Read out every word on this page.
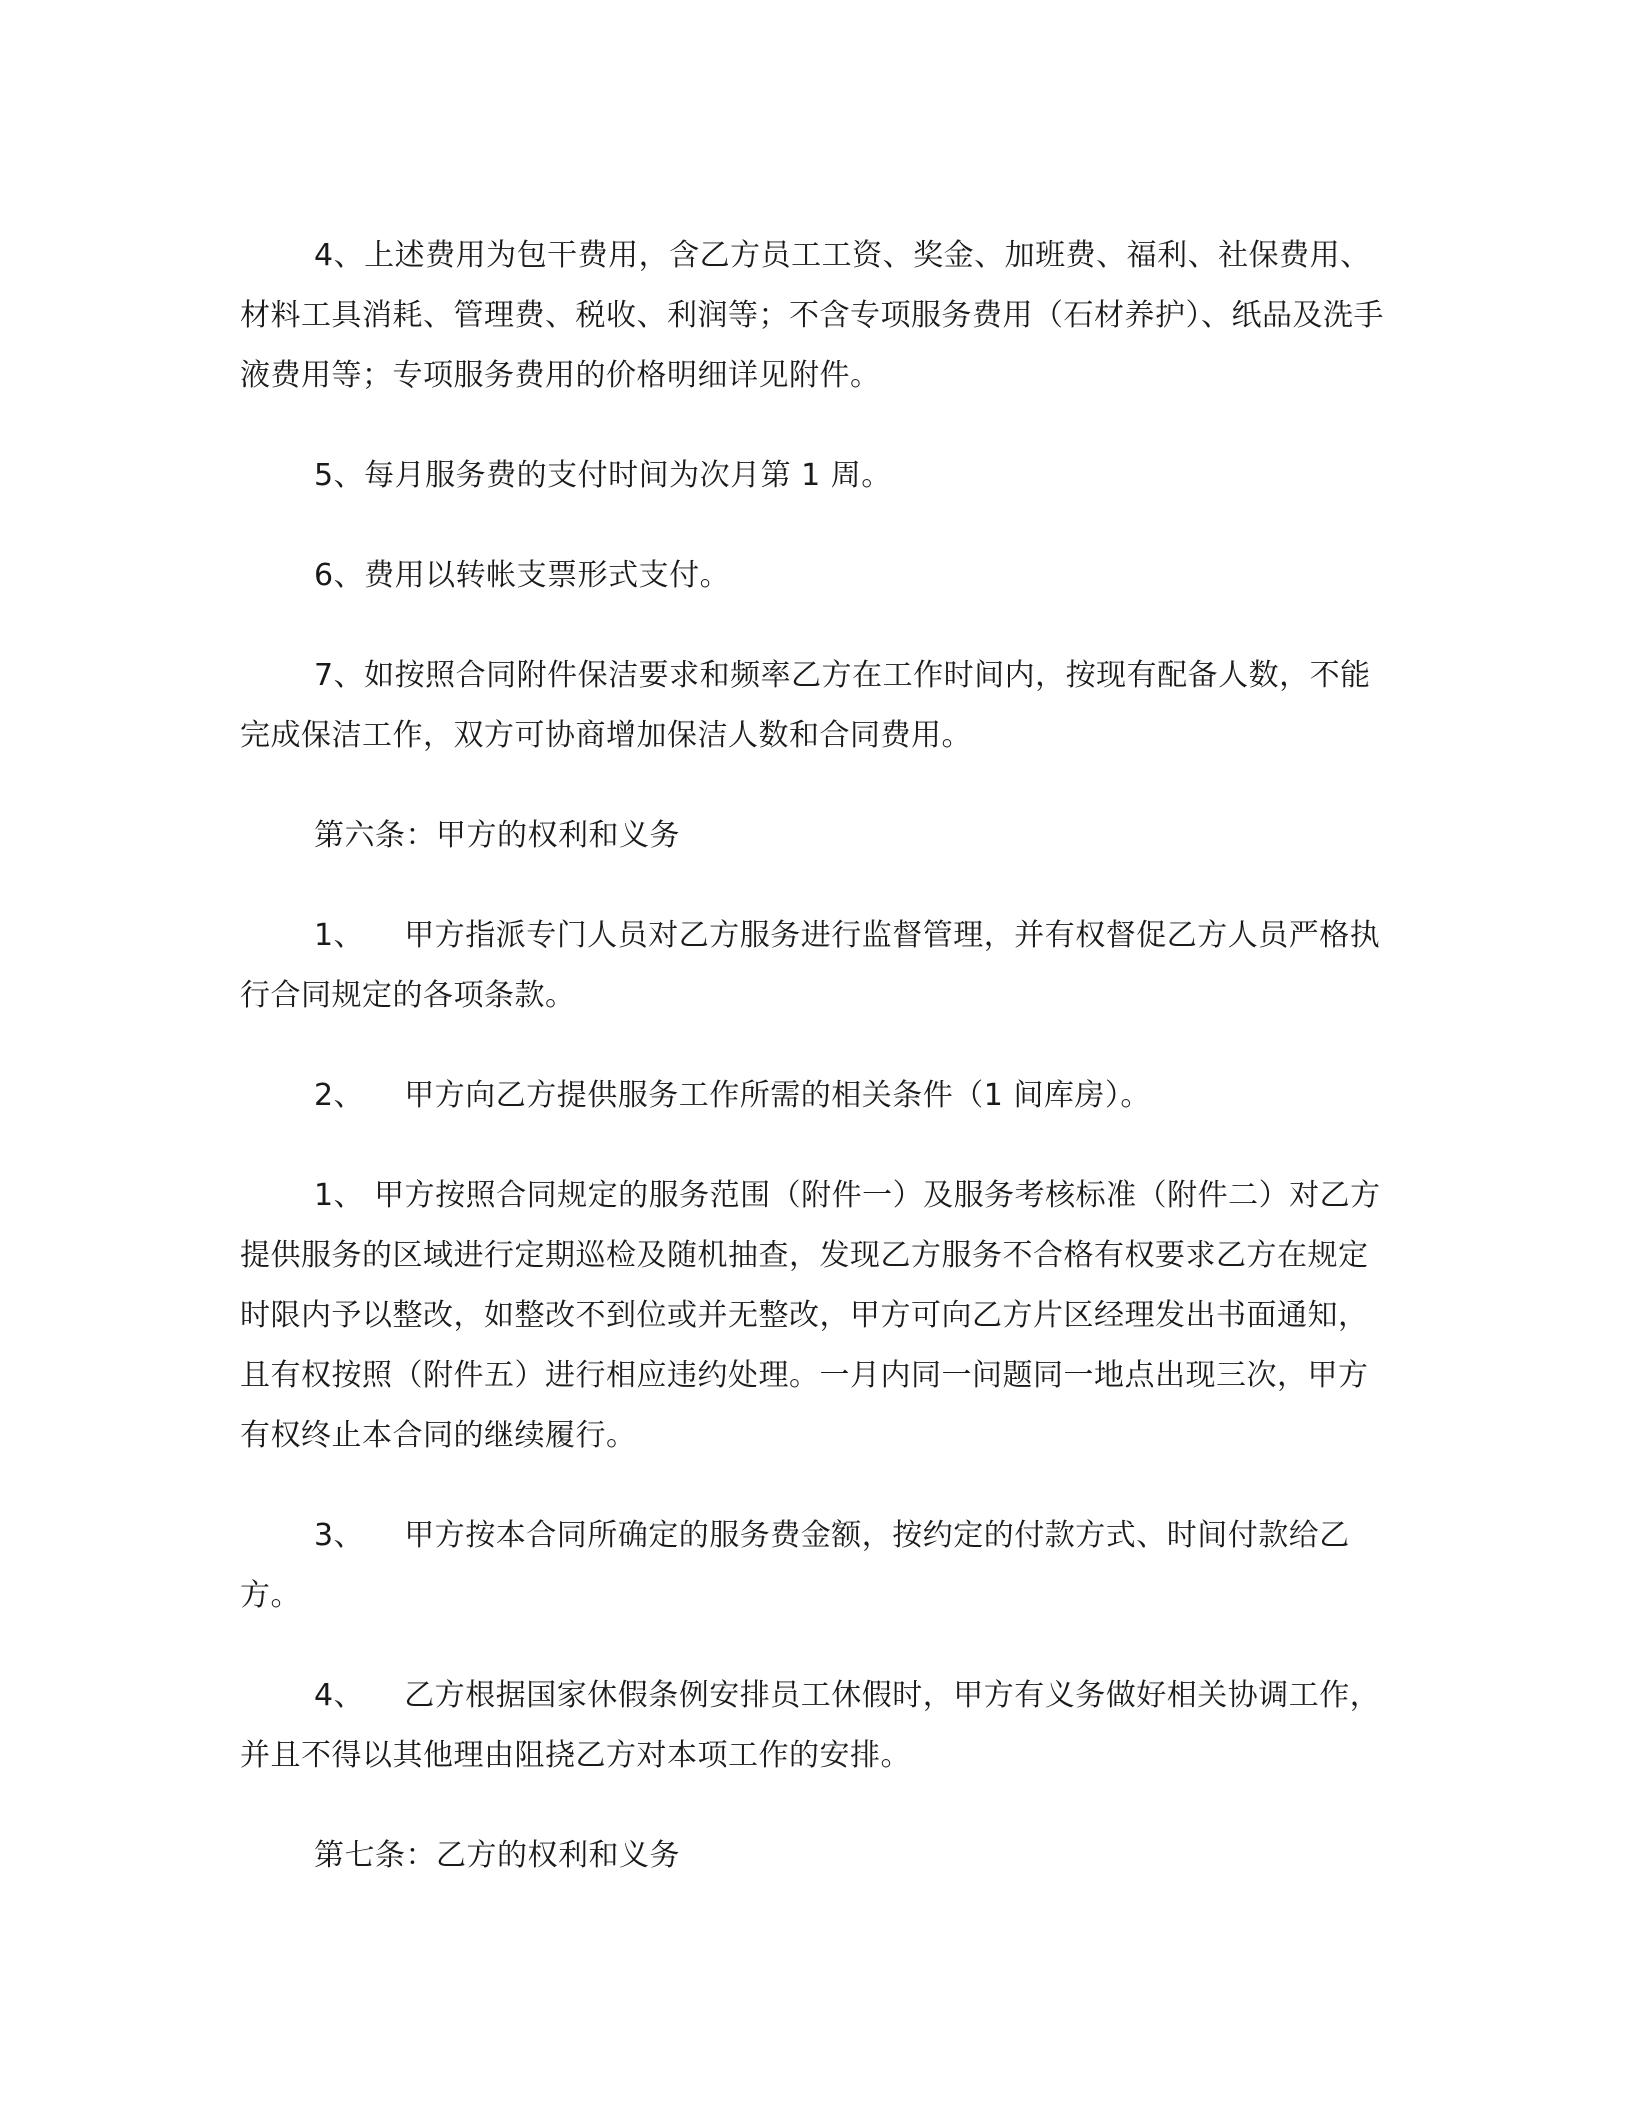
4、上述费用为包干费用，含乙方员工工资、奖金、加班费、福利、社保费用、材料工具消耗、管理费、税收、利润等；不含专项服务费用（石材养护）、纸品及洗手液费用等；专项服务费用的价格明细详见附件。
5、每月服务费的支付时间为次月第 1 周。
6、费用以转帐支票形式支付。
7、如按照合同附件保洁要求和频率乙方在工作时间内，按现有配备人数，不能完成保洁工作，双方可协商增加保洁人数和合同费用。
第六条：甲方的权利和义务
1、    甲方指派专门人员对乙方服务进行监督管理，并有权督促乙方人员严格执行合同规定的各项条款。
2、    甲方向乙方提供服务工作所需的相关条件（1 间库房）。
1、 甲方按照合同规定的服务范围（附件一）及服务考核标准（附件二）对乙方提供服务的区域进行定期巡检及随机抽查，发现乙方服务不合格有权要求乙方在规定时限内予以整改，如整改不到位或并无整改，甲方可向乙方片区经理发出书面通知，且有权按照（附件五）进行相应违约处理。一月内同一问题同一地点出现三次，甲方有权终止本合同的继续履行。
3、    甲方按本合同所确定的服务费金额，按约定的付款方式、时间付款给乙方。
4、    乙方根据国家休假条例安排员工休假时，甲方有义务做好相关协调工作，并且不得以其他理由阻挠乙方对本项工作的安排。
第七条：乙方的权利和义务
